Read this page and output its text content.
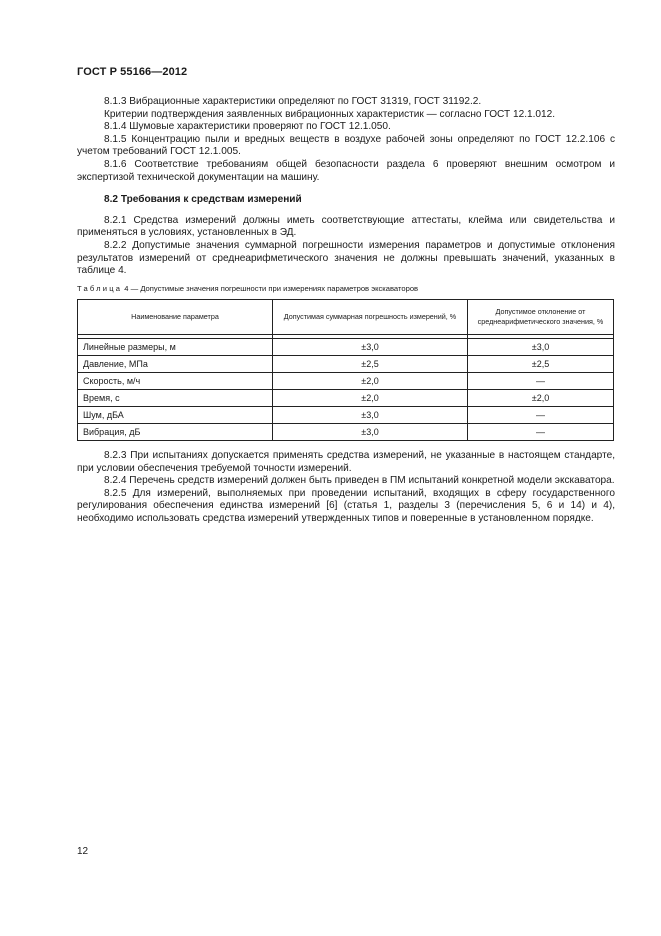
ГОСТ Р 55166—2012

8.1.3 Вибрационные характеристики определяют по ГОСТ 31319, ГОСТ 31192.2.

Критерии подтверждения заявленных вибрационных характеристик — согласно ГОСТ 12.1.012.

8.1.4 Шумовые характеристики проверяют по ГОСТ 12.1.050.

8.1.5 Концентрацию пыли и вредных веществ в воздухе рабочей зоны определяют по ГОСТ 12.2.106 с учетом требований ГОСТ 12.1.005.

8.1.6 Соответствие требованиям общей безопасности раздела 6 проверяют внешним осмотром и экспертизой технической документации на машину.

8.2 Требования к средствам измерений

8.2.1 Средства измерений должны иметь соответствующие аттестаты, клейма или свидетельства и применяться в условиях, установленных в ЭД.

8.2.2 Допустимые значения суммарной погрешности измерения параметров и допустимые отклонения результатов измерений от среднеарифметического значения не должны превышать значений, указанных в таблице 4.

Таблица 4 — Допустимые значения погрешности при измерениях параметров экскаваторов
Наименование параметра	Допустимая суммарная погрешность измерений, %	Допустимое отклонение от среднеарифметического значения, %

Линейные размеры, м	±3,0	±3,0
Давление, МПа	±2,5	±2,5
Скорость, м/ч	±2,0	—
Время, с	±2,0	±2,0
Шум, дБА	±3,0	—
Вибрация, дБ	±3,0	—

8.2.3 При испытаниях допускается применять средства измерений, не указанные в настоящем стандарте, при условии обеспечения требуемой точности измерений.

8.2.4 Перечень средств измерений должен быть приведен в ПМ испытаний конкретной модели экскаватора.

8.2.5 Для измерений, выполняемых при проведении испытаний, входящих в сферу государственного регулирования обеспечения единства измерений [6] (статья 1, разделы 3 (перечисления 5, 6 и 14) и 4), необходимо использовать средства измерений утвержденных типов и поверенные в установленном порядке.

12
